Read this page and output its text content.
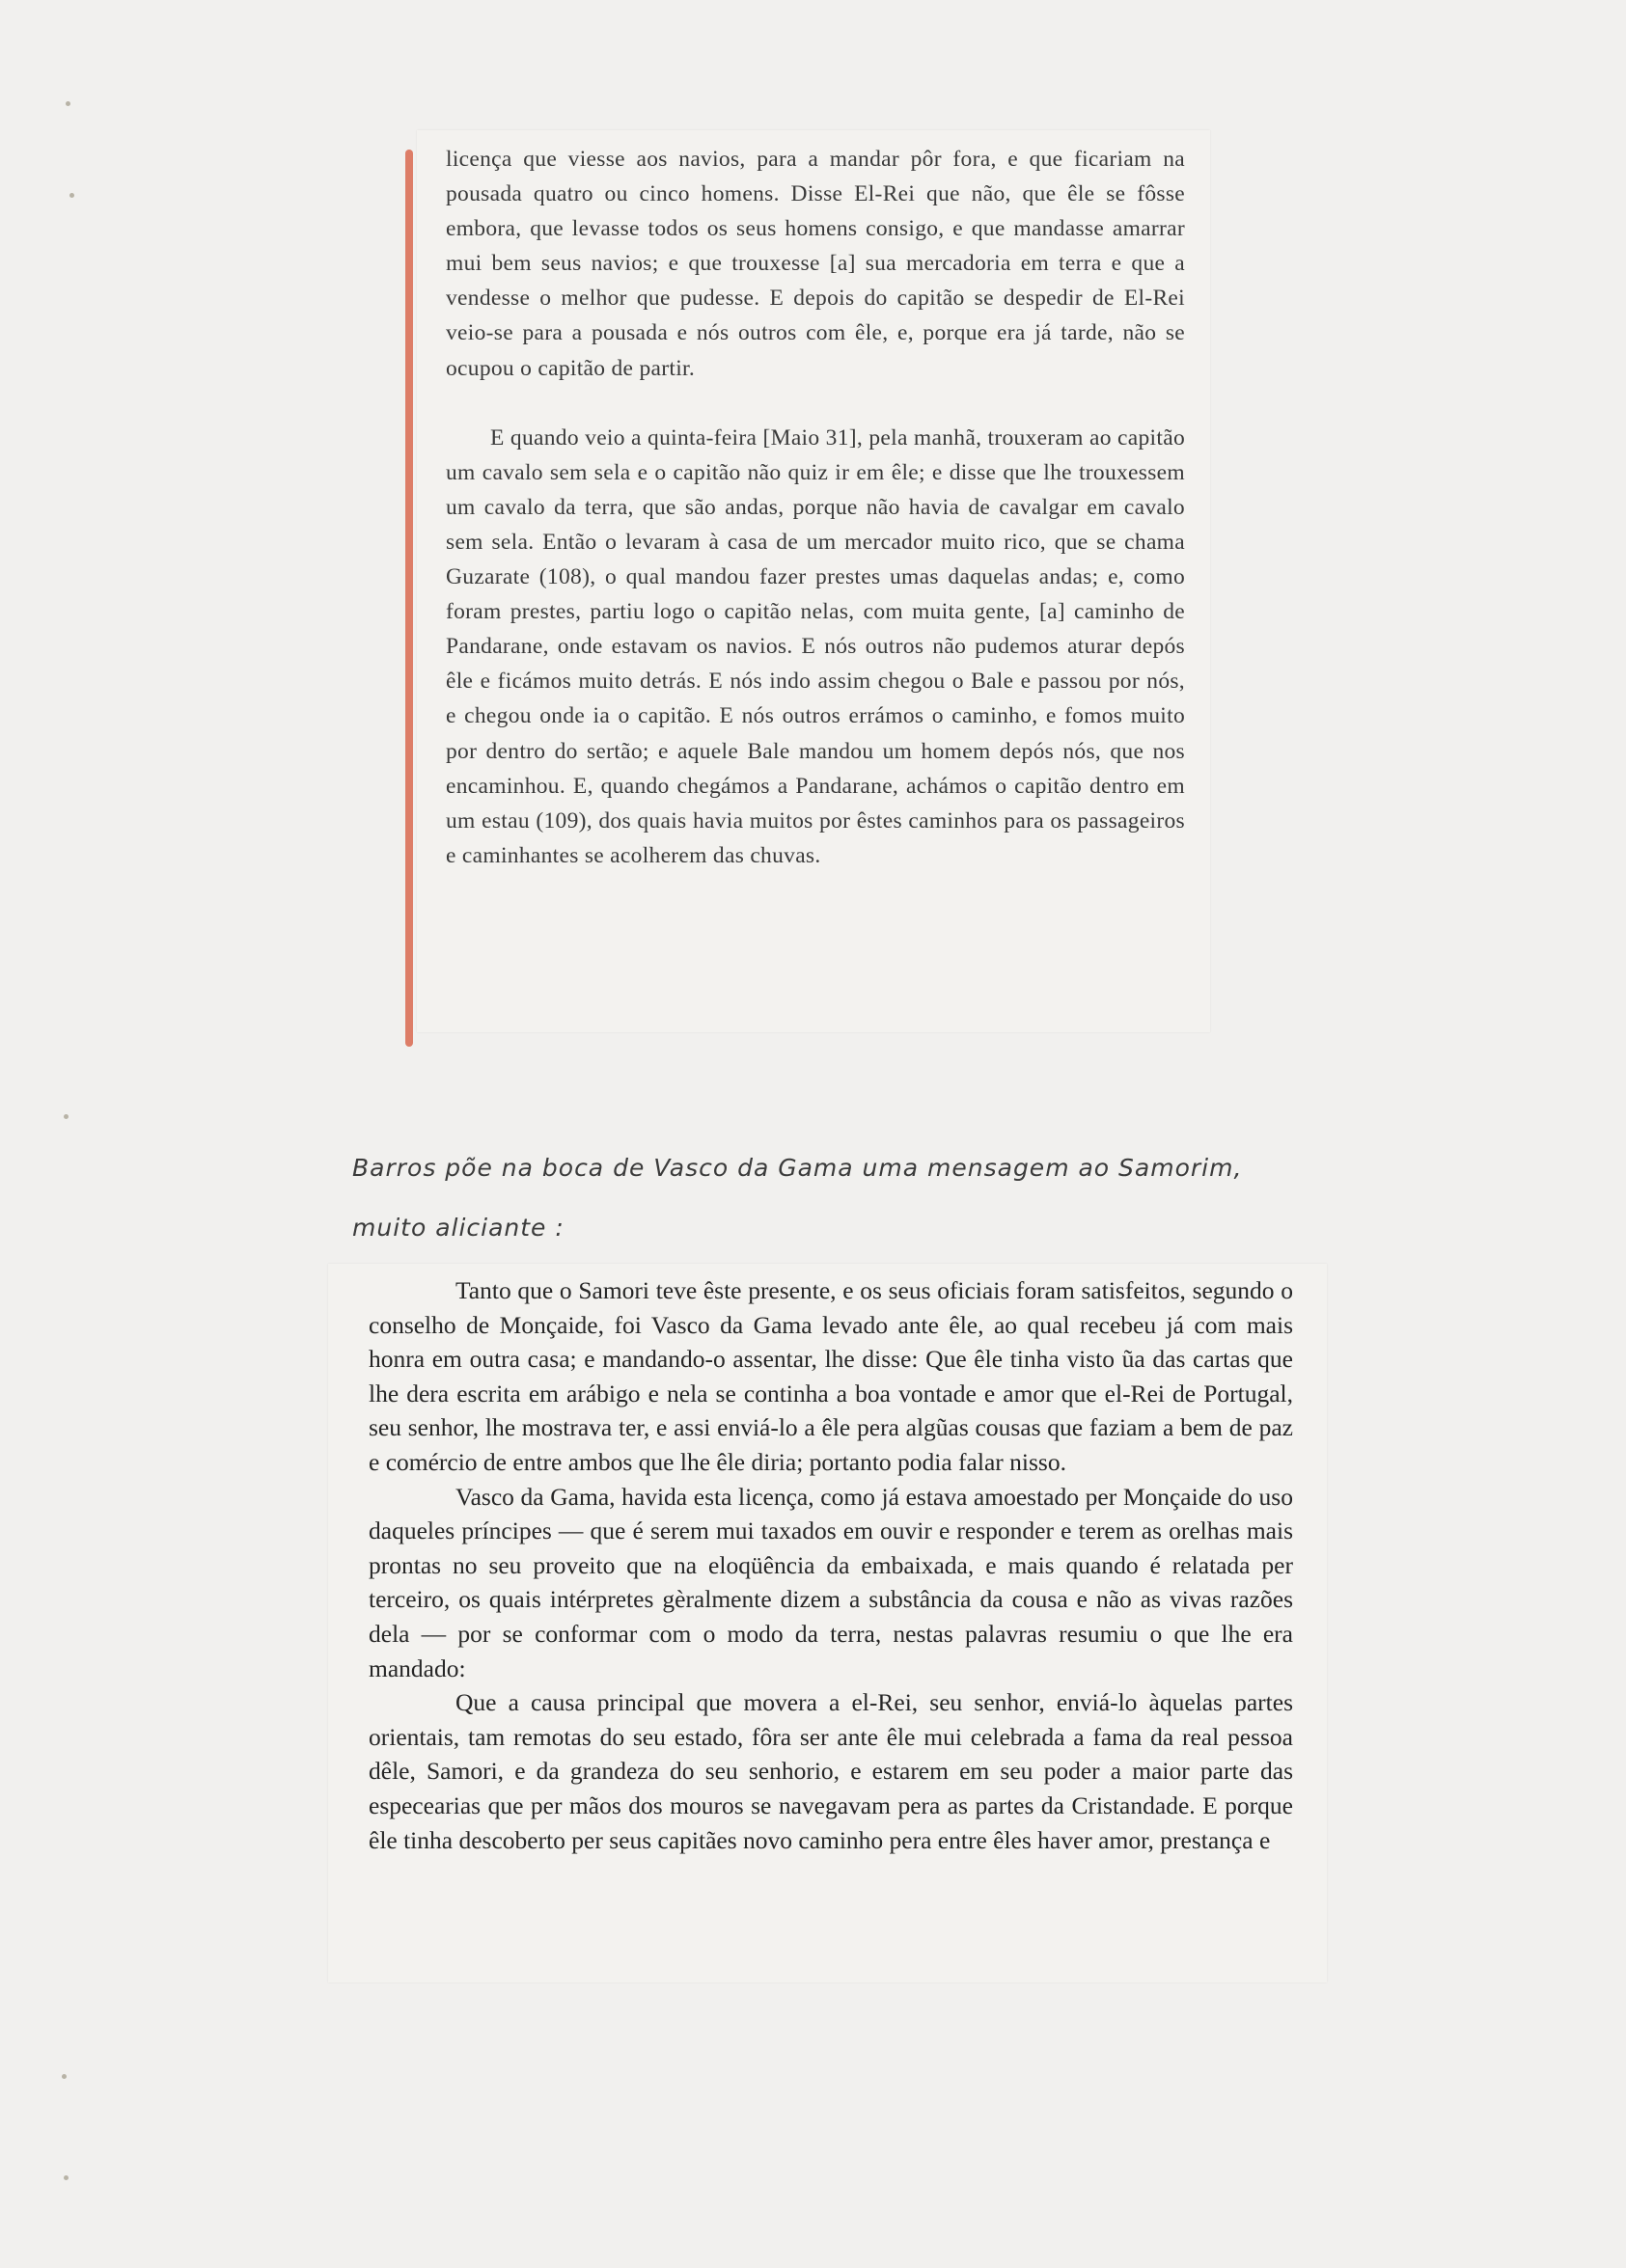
licença que viesse aos navios, para a mandar pôr fora, e que ficariam na pousada quatro ou cinco homens. Disse El-Rei que não, que êle se fôsse embora, que levasse todos os seus homens consigo, e que mandasse amarrar mui bem seus navios; e que trouxesse [a] sua mercadoria em terra e que a vendesse o melhor que pudesse. E depois do capitão se despedir de El-Rei veio-se para a pousada e nós outros com êle, e, porque era já tarde, não se ocupou o capitão de partir.

E quando veio a quinta-feira [Maio 31], pela manhã, trouxeram ao capitão um cavalo sem sela e o capitão não quiz ir em êle; e disse que lhe trouxessem um cavalo da terra, que são andas, porque não havia de cavalgar em cavalo sem sela. Então o levaram à casa de um mercador muito rico, que se chama Guzarate (108), o qual mandou fazer prestes umas daquelas andas; e, como foram prestes, partiu logo o capitão nelas, com muita gente, [a] caminho de Pandarane, onde estavam os navios. E nós outros não pudemos aturar depós êle e ficámos muito detrás. E nós indo assim chegou o Bale e passou por nós, e chegou onde ia o capitão. E nós outros errámos o caminho, e fomos muito por dentro do sertão; e aquele Bale mandou um homem depós nós, que nos encaminhou. E, quando chegámos a Pandarane, achámos o capitão dentro em um estau (109), dos quais havia muitos por êstes caminhos para os passageiros e caminhantes se acolherem das chuvas.

Barros põe na boca de Vasco da Gama uma mensagem ao Samorim,
muito aliciante :

Tanto que o Samori teve êste presente, e os seus oficiais foram satisfeitos, segundo o conselho de Monçaide, foi Vasco da Gama levado ante êle, ao qual recebeu já com mais honra em outra casa; e mandando-o assentar, lhe disse: Que êle tinha visto ũa das cartas que lhe dera escrita em arábigo e nela se continha a boa vontade e amor que el-Rei de Portugal, seu senhor, lhe mostrava ter, e assi enviá-lo a êle pera algũas cousas que faziam a bem de paz e comércio de entre ambos que lhe êle diria; portanto podia falar nisso.

Vasco da Gama, havida esta licença, como já estava amoestado per Monçaide do uso daqueles príncipes — que é serem mui taxados em ouvir e responder e terem as orelhas mais prontas no seu proveito que na eloqüência da embaixada, e mais quando é relatada per terceiro, os quais intérpretes gèralmente dizem a substância da cousa e não as vivas razões dela — por se conformar com o modo da terra, nestas palavras resumiu o que lhe era mandado:

Que a causa principal que movera a el-Rei, seu senhor, enviá-lo àquelas partes orientais, tam remotas do seu estado, fôra ser ante êle mui celebrada a fama da real pessoa dêle, Samori, e da grandeza do seu senhorio, e estarem em seu poder a maior parte das especearias que per mãos dos mouros se navegavam pera as partes da Cristandade. E porque êle tinha descoberto per seus capitães novo caminho pera entre êles haver amor, prestança e
